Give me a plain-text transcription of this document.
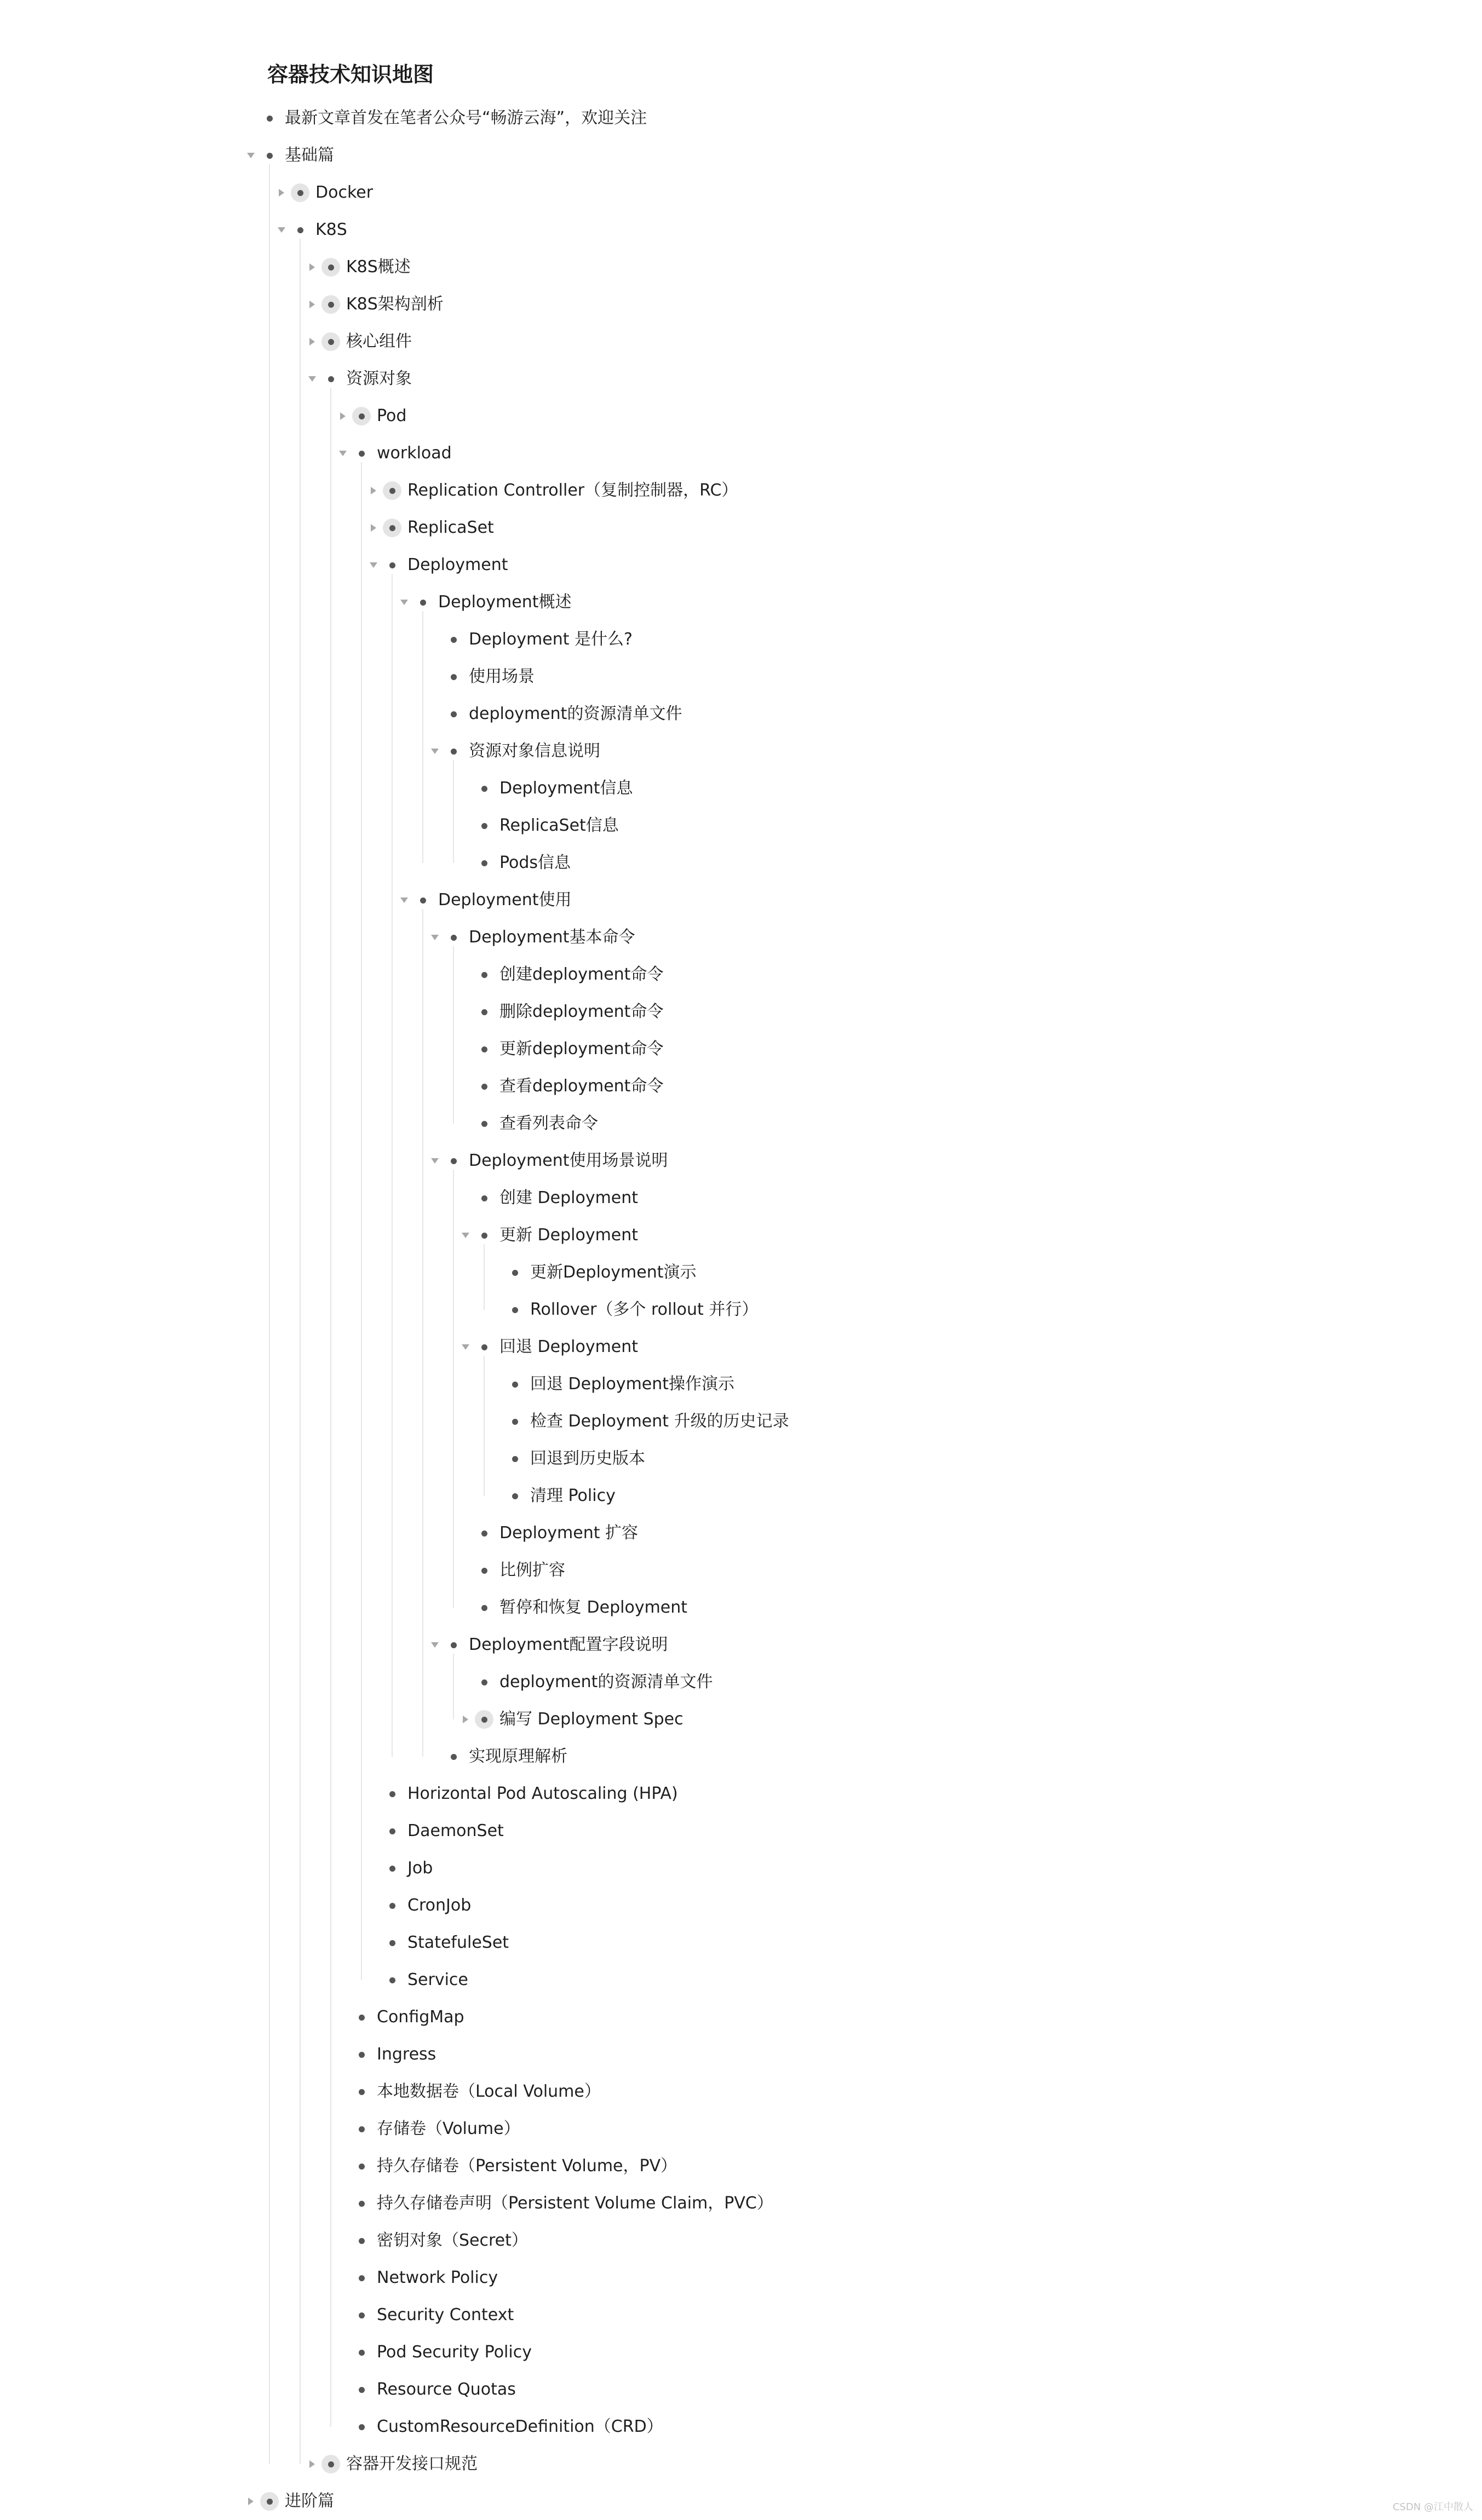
容器技术知识地图
最新文章首发在笔者公众号“畅游云海”，欢迎关注
基础篇
Docker
K8S
K8S概述
K8S架构剖析
核心组件
资源对象
Pod
workload
Replication Controller（复制控制器，RC）
ReplicaSet
Deployment
Deployment概述
Deployment 是什么?
使用场景
deployment的资源清单文件
资源对象信息说明
Deployment信息
ReplicaSet信息
Pods信息
Deployment使用
Deployment基本命令
创建deployment命令
删除deployment命令
更新deployment命令
查看deployment命令
查看列表命令
Deployment使用场景说明
创建 Deployment
更新 Deployment
更新Deployment演示
Rollover（多个 rollout 并行）
回退 Deployment
回退 Deployment操作演示
检查 Deployment 升级的历史记录
回退到历史版本
清理 Policy
Deployment 扩容
比例扩容
暂停和恢复 Deployment
Deployment配置字段说明
deployment的资源清单文件
编写 Deployment Spec
实现原理解析
Horizontal Pod Autoscaling (HPA)
DaemonSet
Job
CronJob
StatefuleSet
Service
ConfigMap
Ingress
本地数据卷（Local Volume）
存储卷（Volume）
持久存储卷（Persistent Volume，PV）
持久存储卷声明（Persistent Volume Claim，PVC）
密钥对象（Secret）
Network Policy
Security Context
Pod Security Policy
Resource Quotas
CustomResourceDefinition（CRD）
容器开发接口规范
进阶篇	CSDN @江中散人
